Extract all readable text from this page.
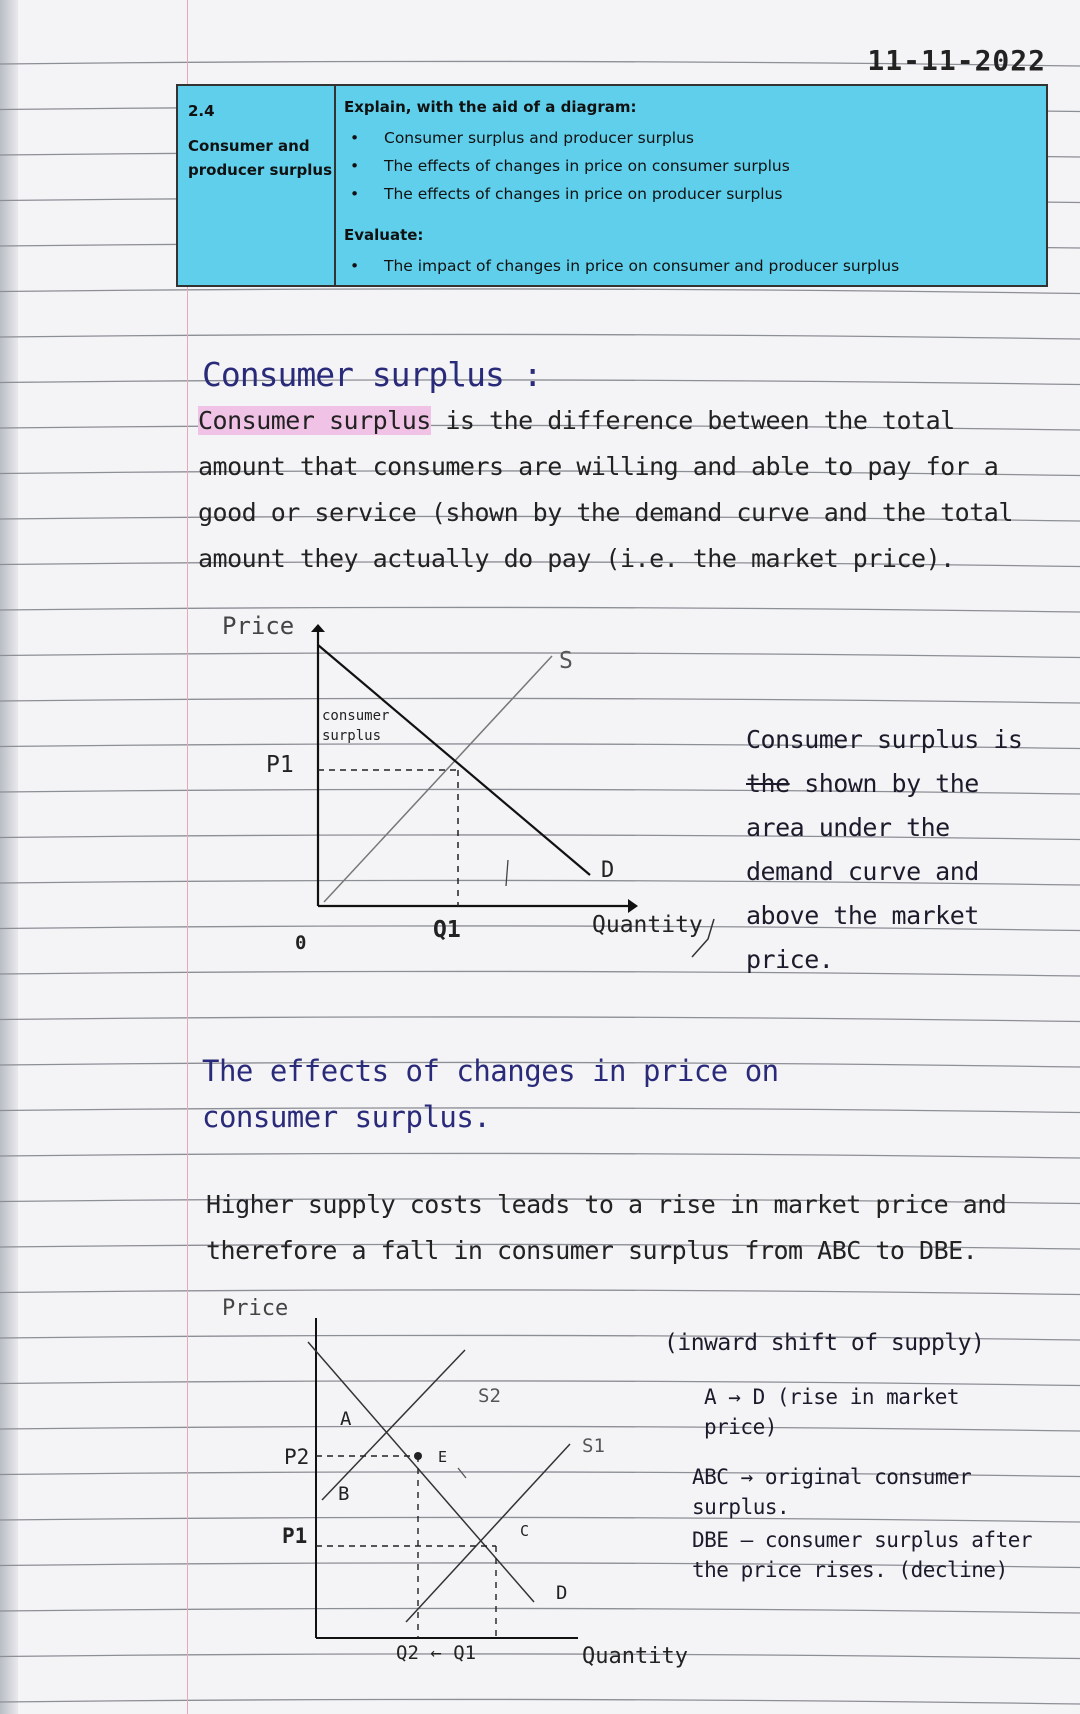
11-11-2022
2.4
Consumer and producer surplus
Explain, with the aid of a diagram:
• Consumer surplus and producer surplus
• The effects of changes in price on consumer surplus
• The effects of changes in price on producer surplus
Evaluate:
• The impact of changes in price on consumer and producer surplus
Consumer surplus :
Consumer surplus is the difference between the total amount that consumers are willing and able to pay for a good or service (shown by the demand curve and the total amount they actually do pay (i.e. the market price).
Price
0
P1
Q1	Quantity
S
D
consumer
surplus	Consumer surplus is
the shown by the area under the demand curve and above the market price.
The effects of changes in price on consumer surplus.
Higher supply costs leads to a rise in market price and therefore a fall in consumer surplus from ABC to DBE.
Price
P2
P1
Q2 ← Q1	Quantity
S2
S1
D
A
B
C
E
(inward shift of supply)
A → D (rise in market price)
ABC → original consumer surplus.
DBE – consumer surplus after the price rises. (decline)
